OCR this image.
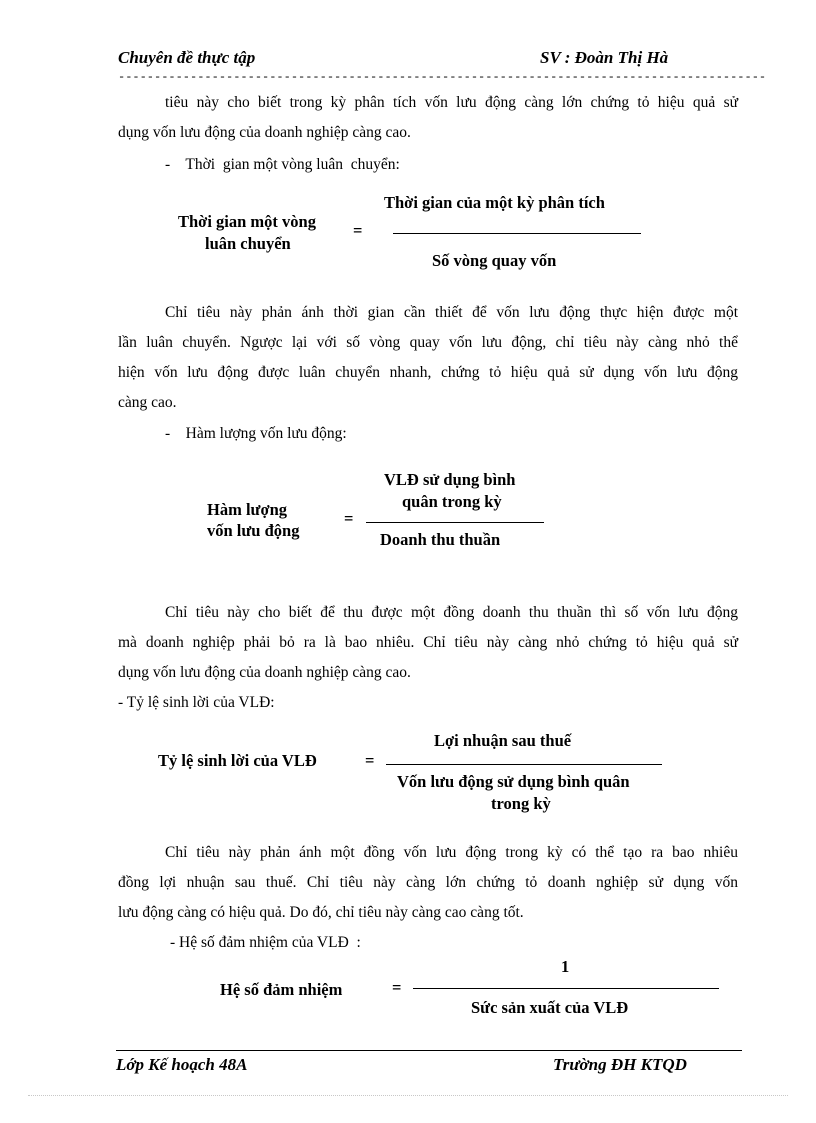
Chuyên đề thực tập	SV : Đoàn Thị Hà
------------------------------------------------------------------------------------------
tiêu này cho biết trong kỳ phân tích vốn lưu động càng lớn chứng tỏ hiệu quả sử
dụng vốn lưu động của doanh nghiệp càng cao.
-    Thời  gian một vòng luân  chuyển:
Thời gian một vòng
luân chuyển
=
Thời gian của một kỳ phân tích
Số vòng quay vốn
Chỉ tiêu này phản ánh thời gian cần thiết để vốn lưu động thực hiện được một
lần luân chuyển. Ngược lại với số vòng quay vốn lưu động, chỉ tiêu này càng nhỏ thể
hiện vốn lưu động được luân chuyển nhanh, chứng tỏ hiệu quả sử dụng vốn lưu động
càng cao.
-    Hàm lượng vốn lưu động:
Hàm lượng
vốn lưu động
=
VLĐ sử dụng bình
quân trong kỳ
Doanh thu thuần
Chỉ tiêu này cho biết để thu được một đồng doanh thu thuần thì số vốn lưu động
mà doanh nghiệp phải bỏ ra là bao nhiêu. Chỉ tiêu này càng nhỏ chứng tỏ hiệu quả sử
dụng vốn lưu động của doanh nghiệp càng cao.
- Tỷ lệ sinh lời của VLĐ:
Tỷ lệ sinh lời của VLĐ	=
Lợi nhuận sau thuế
Vốn lưu động sử dụng bình quân
trong kỳ
Chỉ tiêu này phản ánh một đồng vốn lưu động trong kỳ có thể tạo ra bao nhiêu
đồng lợi nhuận sau thuế. Chỉ tiêu này càng lớn chứng tỏ doanh nghiệp sử dụng vốn
lưu động càng có hiệu quả. Do đó, chỉ tiêu này càng cao càng tốt.
- Hệ số đảm nhiệm của VLĐ  :
Hệ số đảm nhiệm	=
1
Sức sản xuất của VLĐ
Lớp Kế hoạch 48A	Trường ĐH KTQD
